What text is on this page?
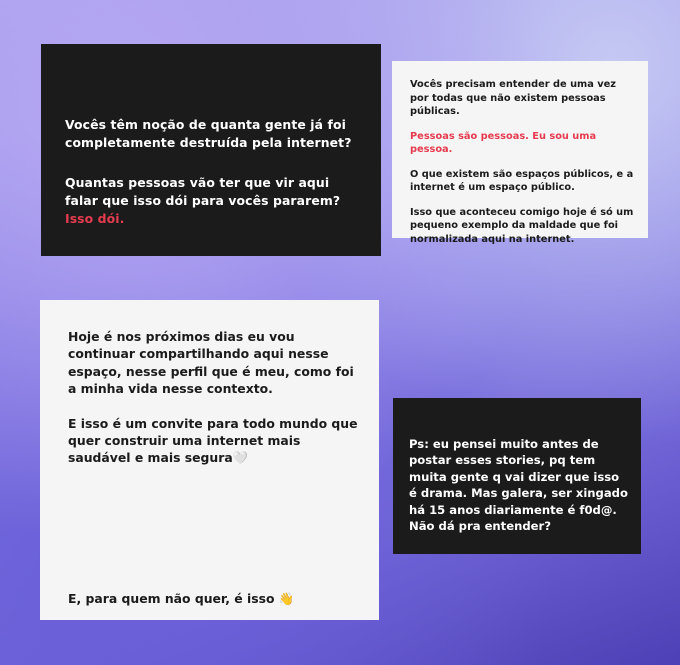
Vocês têm noção de quanta gente já foi completamente destruída pela internet?

Quantas pessoas vão ter que vir aqui falar que isso dói para vocês pararem? Isso dói.

Vocês precisam entender de uma vez por todas que não existem pessoas públicas.

Pessoas são pessoas. Eu sou uma pessoa.

O que existem são espaços públicos, e a internet é um espaço público.

Isso que aconteceu comigo hoje é só um pequeno exemplo da maldade que foi normalizada aqui na internet.

Hoje é nos próximos dias eu vou continuar compartilhando aqui nesse espaço, nesse perfil que é meu, como foi a minha vida nesse contexto.

E isso é um convite para todo mundo que quer construir uma internet mais saudável e mais segura🤍

E, para quem não quer, é isso 👋

Ps: eu pensei muito antes de postar esses stories, pq tem muita gente q vai dizer que isso é drama. Mas galera, ser xingado há 15 anos diariamente é f0d@. Não dá pra entender?
